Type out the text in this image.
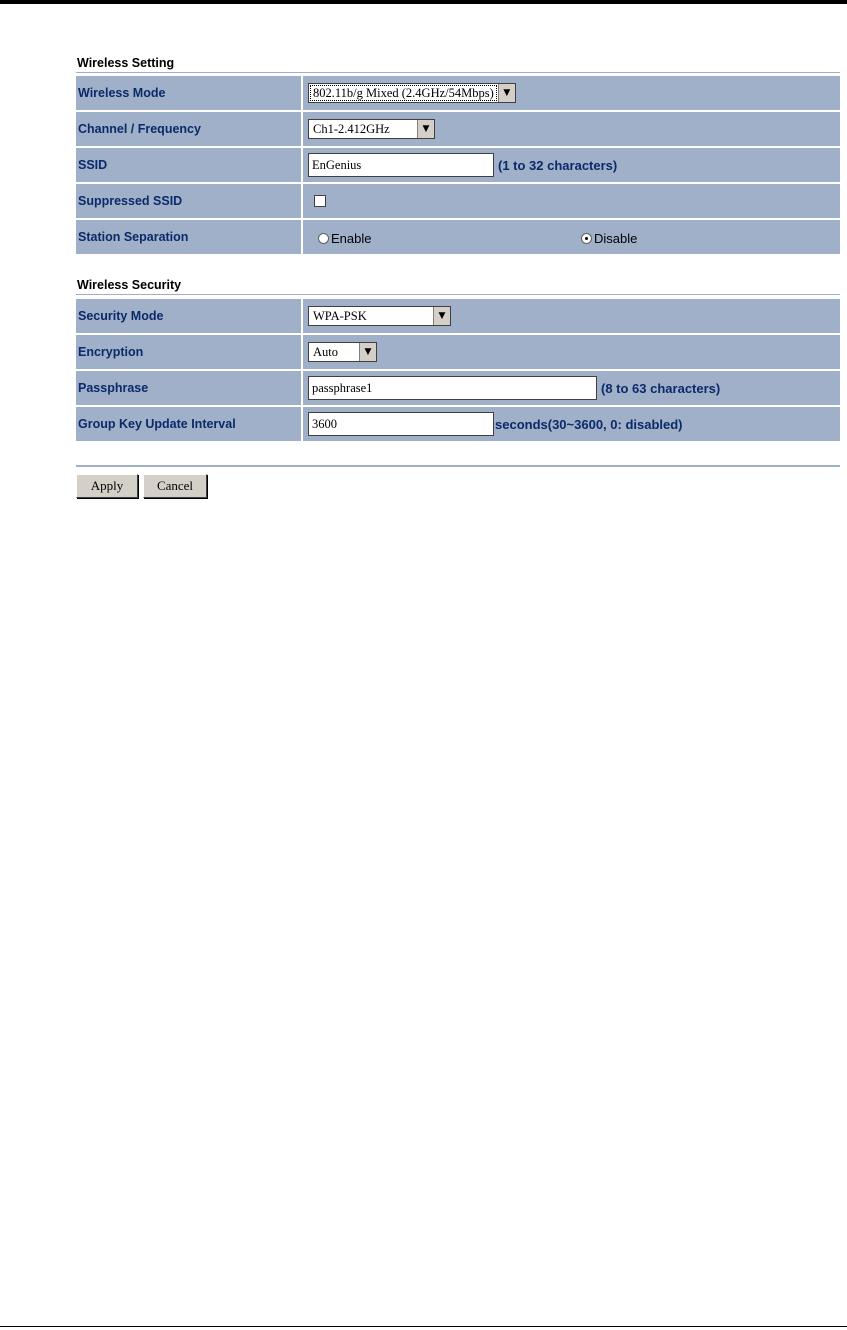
Wireless Setting
Wireless Mode	802.11b/g Mixed (2.4GHz/54Mbps)	▼
Channel / Frequency	Ch1-2.412GHz	▼
SSID	EnGenius	(1 to 32 characters)
Suppressed SSID
Station Separation	Enable	Disable
Wireless Security
Security Mode	WPA-PSK	▼
Encryption	Auto	▼
Passphrase	passphrase1	(8 to 63 characters)
Group Key Update Interval	3600	seconds(30~3600, 0: disabled)
Apply	Cancel
